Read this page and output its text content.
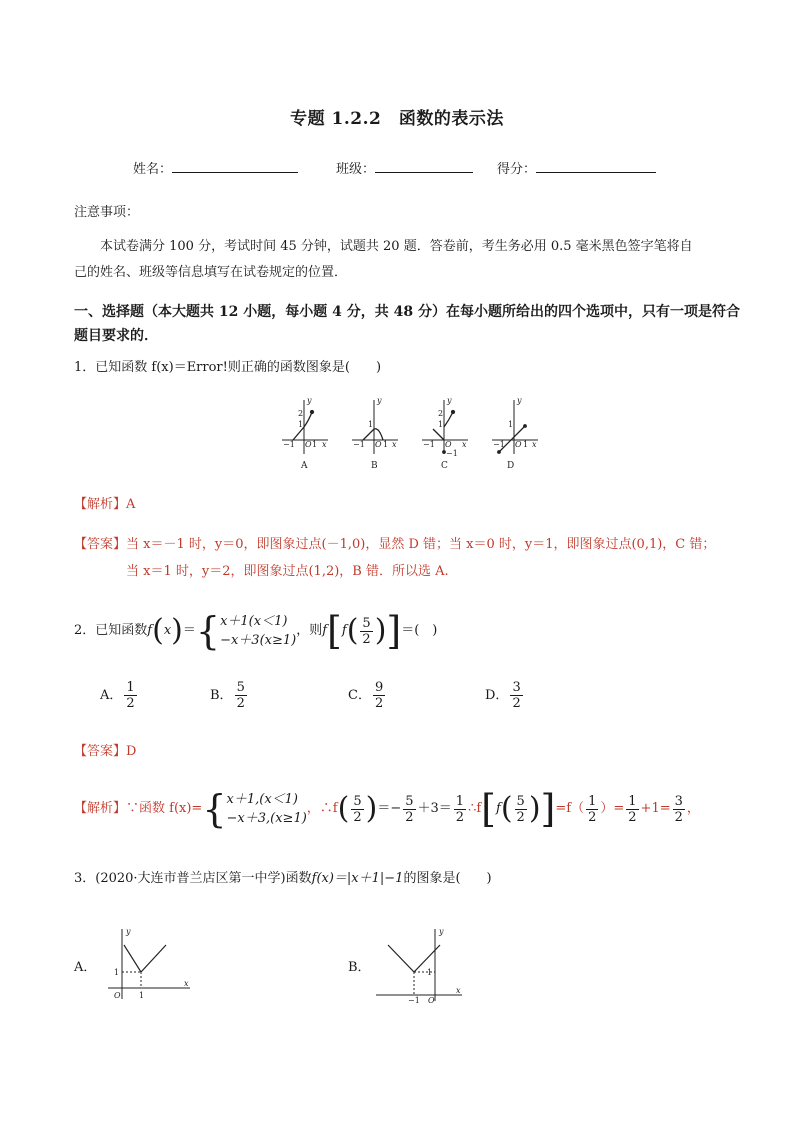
专题 1.2.2　函数的表示法
姓名：	班级：	得分：
注意事项：
本试卷满分 100 分，考试时间 45 分钟，试题共 20 题．答卷前，考生务必用 0.5 毫米黑色签字笔将自
己的姓名、班级等信息填写在试卷规定的位置．
一、选择题（本大题共 12 小题，每小题 4 分，共 48 分）在每小题所给出的四个选项中，只有一项是符合
题目要求的．
1．已知函数 f(x)＝Error!则正确的函数图象是(　　)
y
2
1
−1 O 1 x
A
y
1
−1 O 1 x
B
y
2
1
−1 O
−1
x
C
y
1
−1 O 1 x
D
【解析】A
【答案】当 x＝－1 时，y＝0，即图象过点(－1,0)，显然 D 错；当 x＝0 时，y＝1，即图象过点(0,1)，C 错；
当 x＝1 时，y＝2，即图象过点(1,2)，B 错．所以选 A.
2．已知函数 f ( x ) ＝ { x＋1(x＜1)
−x＋3(x≥1)
，则 f [ f ( $\frac{5}{2}$ ) ] ＝(　)
A． $\frac{1}{2}$	B． $\frac{5}{2}$	C． $\frac{9}{2}$	D． $\frac{3}{2}$
【答案】D
【解析】 ∵函数 f(x)= { x＋1,(x＜1)
−x＋3,(x≥1)
，∴f ( $\frac{5}{2}$ ) ＝− $\frac{5}{2} +3= \frac{1}{2}$ ∴f [ f ( $\frac{5}{2}$ ) ] $=f( \frac{1}{2}$ ）= $\frac{1}{2} +1= \frac{3}{2}$ ，
3．(2020·大连市普兰店区第一中学)函数f(x)＝|x＋1|−1的图象是(　　)
A．
y
1
O 1
x
B．
y
1
−1 O
x
